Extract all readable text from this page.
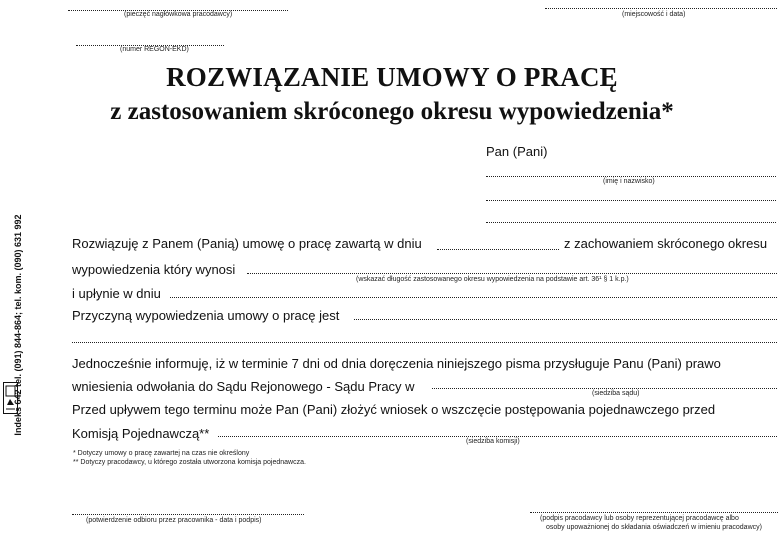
(pieczęć nagłówkowa pracodawcy)	(miejscowość i data)
(numer REGON-EKD)
ROZWIĄZANIE UMOWY O PRACĘ
z zastosowaniem skróconego okresu wypowiedzenia*
Pan (Pani)
(imię i nazwisko)
Rozwiązuję z Panem (Panią) umowę o pracę zawartą w dniu	z zachowaniem skróconego okresu
wypowiedzenia który wynosi
(wskazać długość zastosowanego okresu wypowiedzenia na podstawie art. 36¹ § 1 k.p.)
i upłynie w dniu
Przyczyną wypowiedzenia umowy o pracę jest
Jednocześnie informuję, iż w terminie 7 dni od dnia doręczenia niniejszego pisma przysługuje Panu (Pani) prawo
wniesienia odwołania do Sądu Rejonowego - Sądu Pracy w	(siedziba sądu)
Przed upływem tego terminu może Pan (Pani) złożyć wniosek o wszczęcie postępowania pojednawczego przed
Komisją Pojednawczą**
(siedziba komisji)
* Dotyczy umowy o pracę zawartej na czas nie określony
** Dotyczy pracodawcy, u którego została utworzona komisja pojednawcza.
(potwierdzenie odbioru przez pracownika - data i podpis)	(podpis pracodawcy lub osoby reprezentującej pracodawcę albo
osoby upoważnionej do składania oświadczeń w imieniu pracodawcy)
Indeks 642 tel. (091) 844-864; tel. kom. (090) 631 992
